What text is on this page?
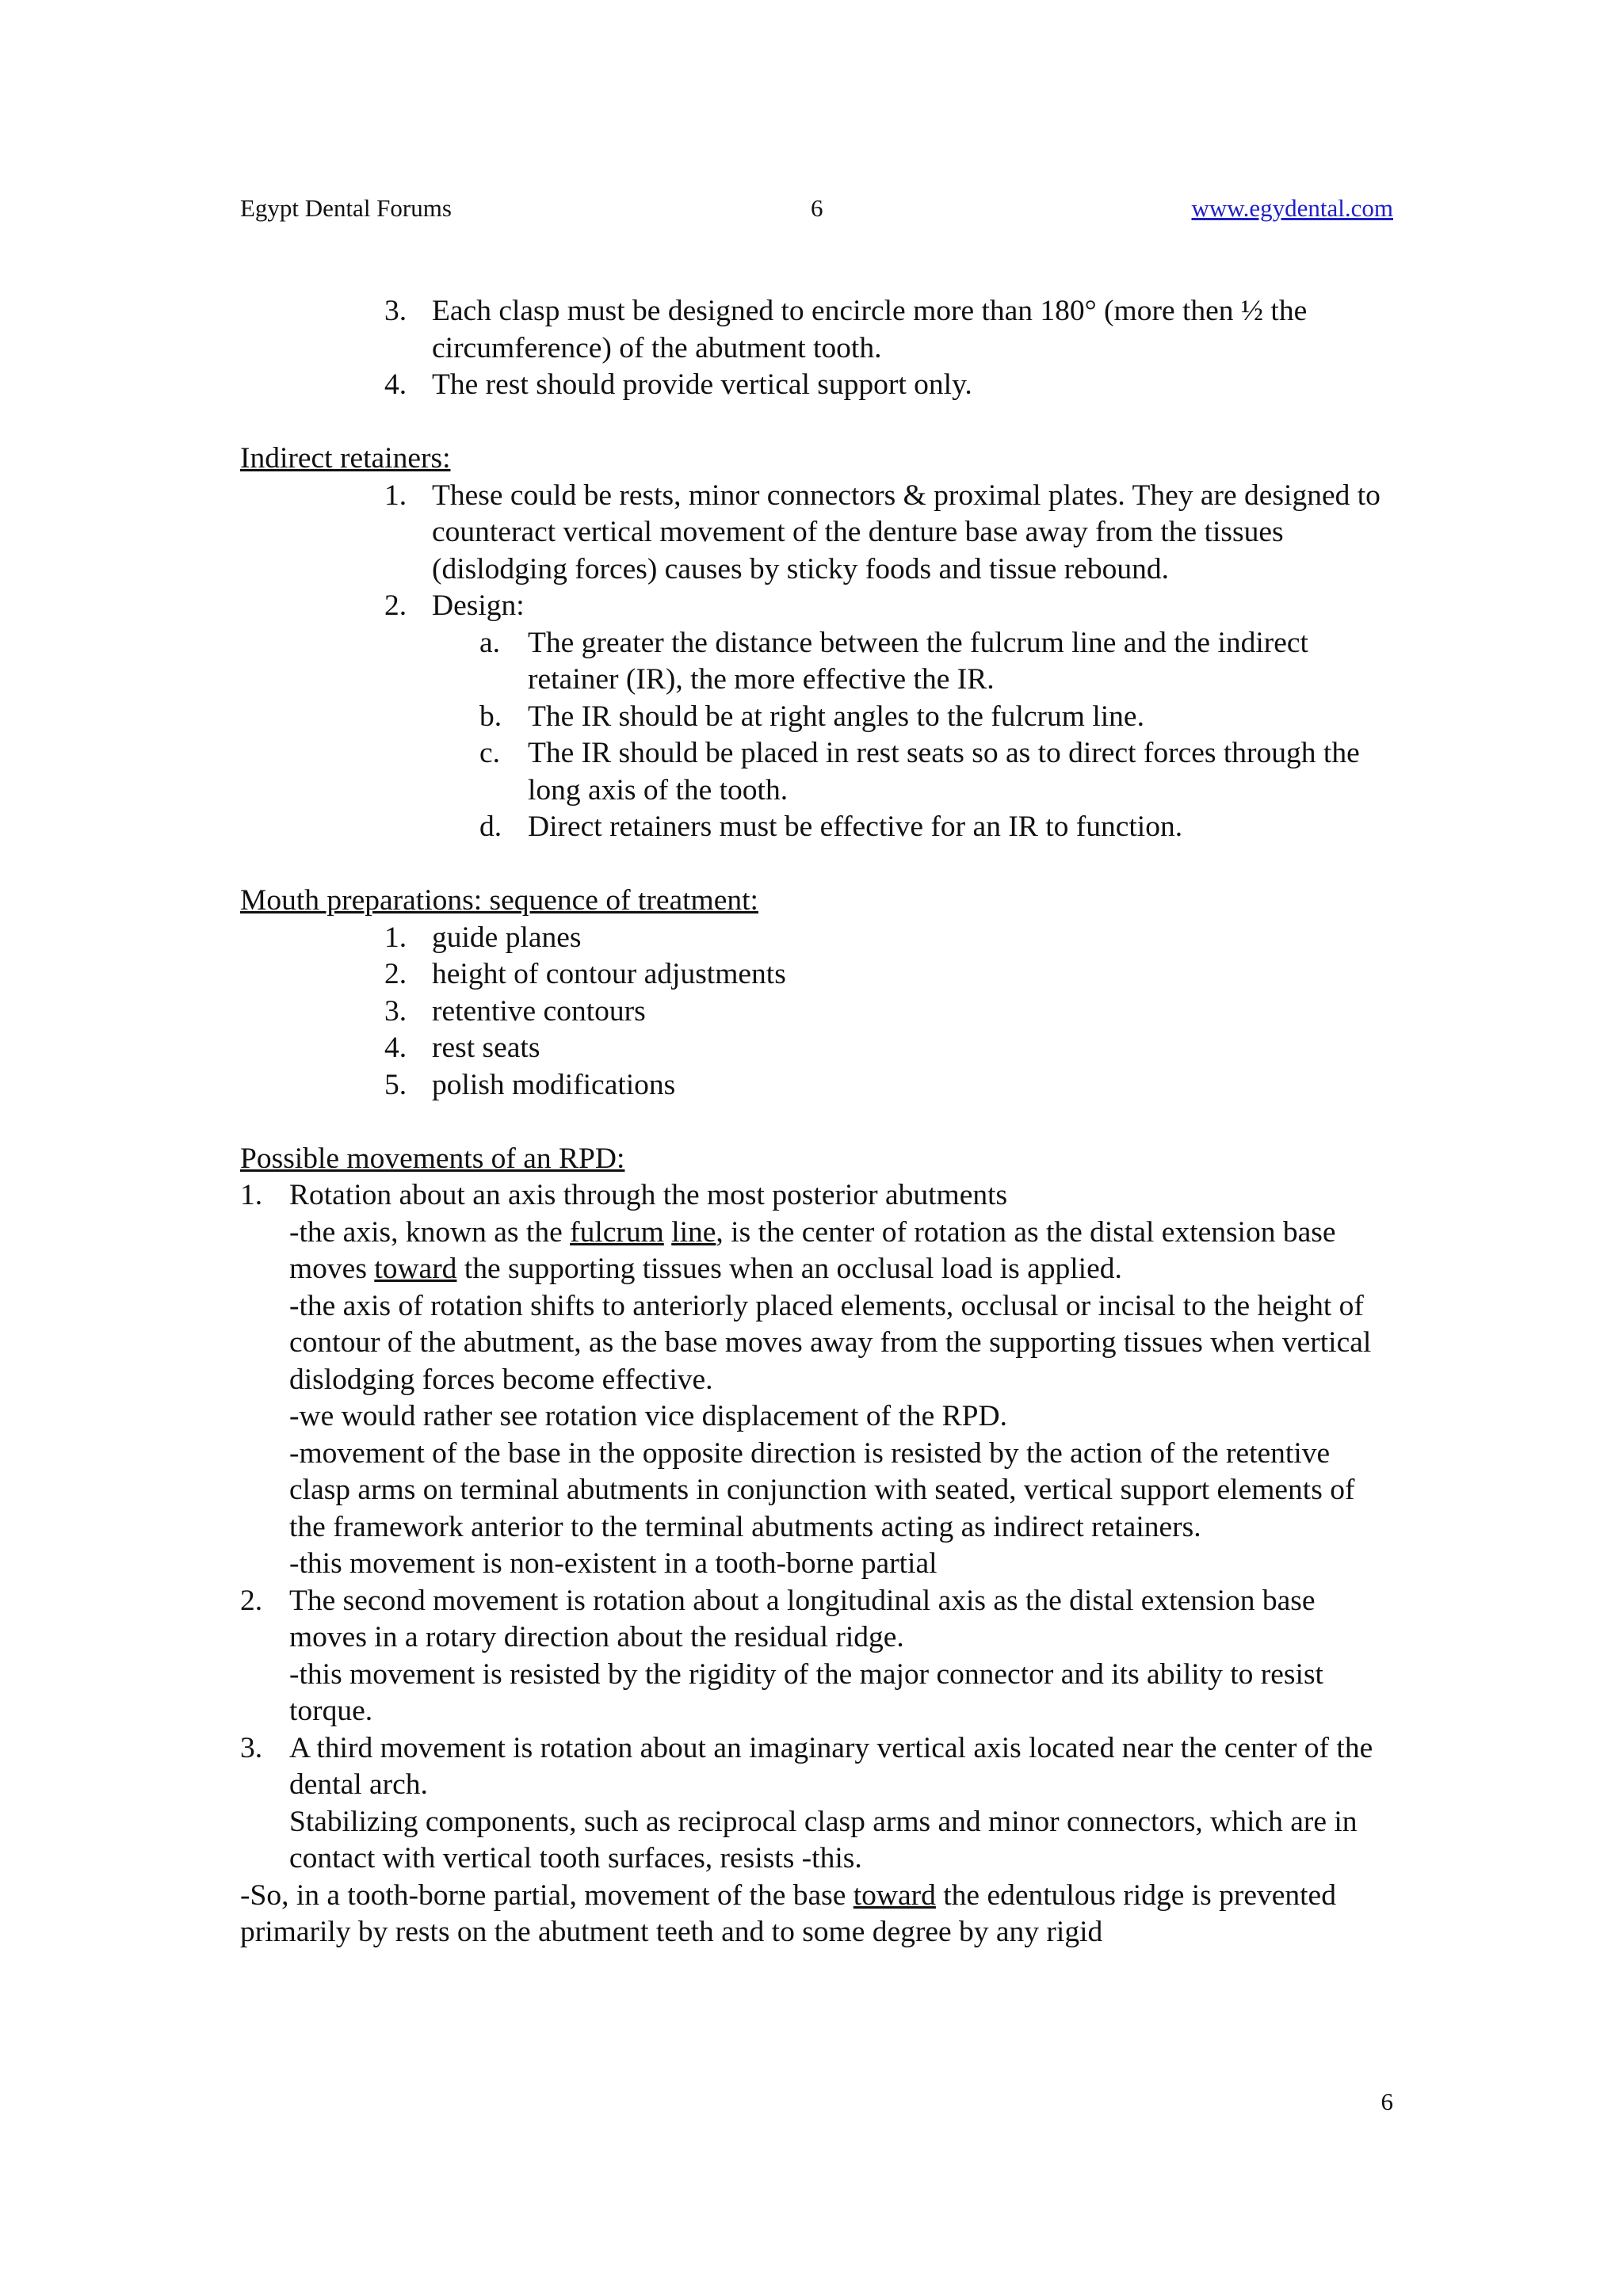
Egypt Dental Forums	6	www.egydental.com
3. Each clasp must be designed to encircle more than 180° (more then ½ the circumference) of the abutment tooth.
4. The rest should provide vertical support only.
Indirect retainers:
1. These could be rests, minor connectors & proximal plates. They are designed to counteract vertical movement of the denture base away from the tissues (dislodging forces) causes by sticky foods and tissue rebound.
2. Design:
a. The greater the distance between the fulcrum line and the indirect retainer (IR), the more effective the IR.
b. The IR should be at right angles to the fulcrum line.
c. The IR should be placed in rest seats so as to direct forces through the long axis of the tooth.
d. Direct retainers must be effective for an IR to function.
Mouth preparations: sequence of treatment:
1. guide planes
2. height of contour adjustments
3. retentive contours
4. rest seats
5. polish modifications
Possible movements of an RPD:
1. Rotation about an axis through the most posterior abutments
-the axis, known as the fulcrum line, is the center of rotation as the distal extension base moves toward the supporting tissues when an occlusal load is applied.
-the axis of rotation shifts to anteriorly placed elements, occlusal or incisal to the height of contour of the abutment, as the base moves away from the supporting tissues when vertical dislodging forces become effective.
-we would rather see rotation vice displacement of the RPD.
-movement of the base in the opposite direction is resisted by the action of the retentive clasp arms on terminal abutments in conjunction with seated, vertical support elements of the framework anterior to the terminal abutments acting as indirect retainers.
-this movement is non-existent in a tooth-borne partial
2. The second movement is rotation about a longitudinal axis as the distal extension base moves in a rotary direction about the residual ridge.
-this movement is resisted by the rigidity of the major connector and its ability to resist torque.
3. A third movement is rotation about an imaginary vertical axis located near the center of the dental arch.
Stabilizing components, such as reciprocal clasp arms and minor connectors, which are in contact with vertical tooth surfaces, resists -this.
-So, in a tooth-borne partial, movement of the base toward the edentulous ridge is prevented primarily by rests on the abutment teeth and to some degree by any rigid
6
